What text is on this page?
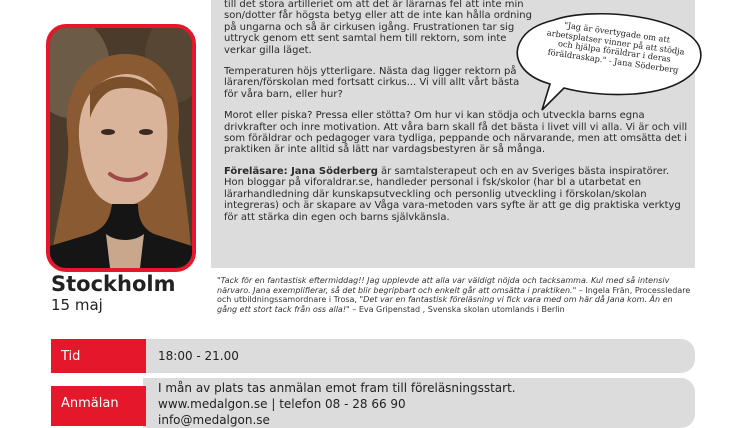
till det stora artilleriet om att det är lärarnas fel att inte min son/dotter får högsta betyg eller att de inte kan hålla ordning på ungarna och så är cirkusen igång. Frustrationen tar sig uttryck genom ett sent samtal hem till rektorn, som inte verkar gilla läget.

Temperaturen höjs ytterligare. Nästa dag ligger rektorn på läraren/förskolan med fortsatt cirkus... Vi vill allt vårt bästa för våra barn, eller hur?

Morot eller piska? Pressa eller stötta? Om hur vi kan stödja och utveckla barns egna drivkrafter och inre motivation. Att våra barn skall få det bästa i livet vill vi alla. Vi är och vill som föräldrar och pedagoger vara tydliga, peppande och närvarande, men att omsätta det i praktiken är inte alltid så lätt nar vardagsbestyren är så många.

Föreläsare: Jana Söderberg är samtalsterapeut och en av Sveriges bästa inspiratörer. Hon bloggar på viforaldrar.se, handleder personal i fsk/skolor (har bl a utarbetat en lärarhandledning där kunskapsutveckling och personlig utveckling i förskolan/skolan integreras) och är skapare av Våga vara-metoden vars syfte är att ge dig praktiska verktyg för att stärka din egen och barns självkänsla.

"Jag är övertygade om att arbetsplatser vinner på att stödja och hjälpa föräldrar i deras föräldraskap." - Jana Söderberg
Stockholm
15 maj
"Tack för en fantastisk eftermiddag!! Jag upplevde att alla var väldigt nöjda och tacksamma. Kul med så intensiv närvaro. Jana exemplifierar, så det blir begripbart och enkelt går att omsätta i praktiken." – Ingela Frän, Processledare och utbildningssamordnare i Trosa, "Det var en fantastisk föreläsning vi fick vara med om här då Jana kom. Än en gång ett stort tack från oss alla!" – Eva Gripenstad , Svenska skolan utomlands i Berlin
18:00 - 21.00
Tid
I mån av plats tas anmälan emot fram till föreläsningsstart.
www.medalgon.se | telefon 08 - 28 66 90
info@medalgon.se
Anmälan
